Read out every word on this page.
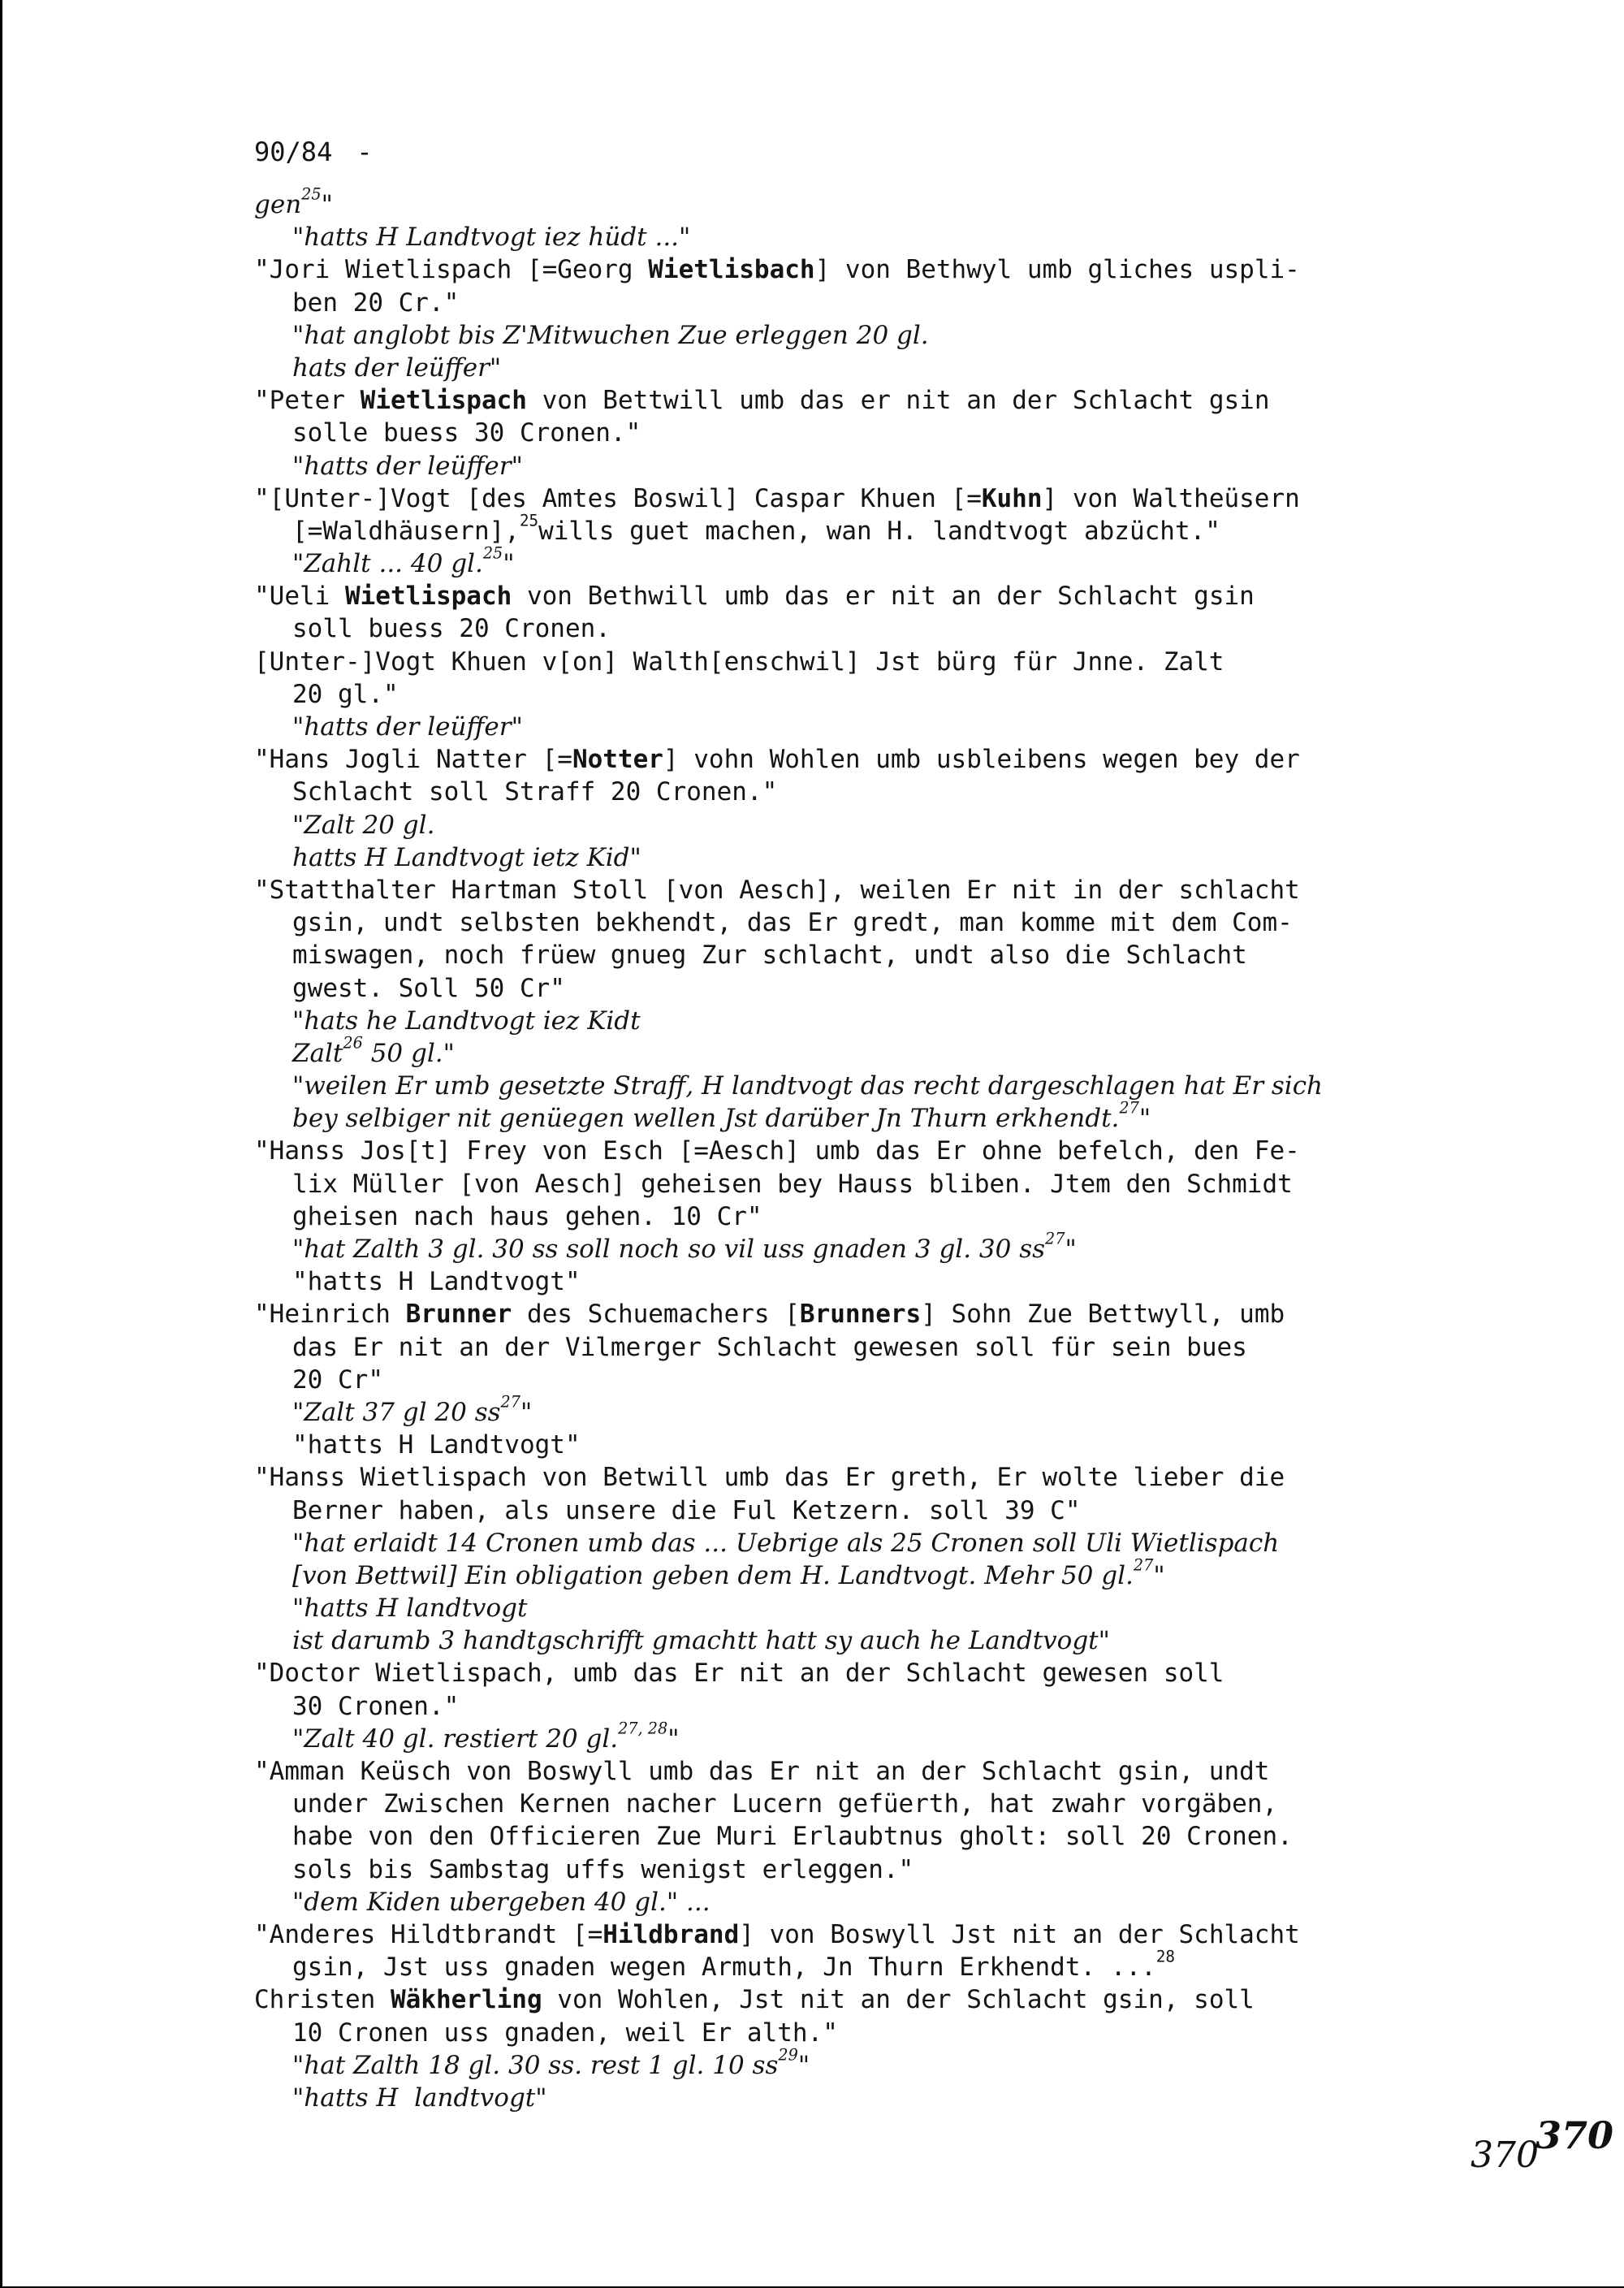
90/84 -
gen$^{25}$"
"hatts H Landtvogt iez hüdt ..."
"Jori Wietlispach [=Georg Wietlisbach] von Bethwyl umb gliches uspli-
ben 20 Cr."
"hat anglobt bis Z'Mitwuchen Zue erleggen 20 gl.
hats der leüffer"
"Peter Wietlispach von Bettwill umb das er nit an der Schlacht gsin
solle buess 30 Cronen."
"hatts der leüffer"
"[Unter-]Vogt [des Amtes Boswil] Caspar Khuen [=Kuhn] von Waltheüsern
[=Waldhäusern],$^{25}$wills guet machen, wan H. landtvogt abzücht."
"Zahlt ... 40 gl.$^{25}$"
"Ueli Wietlispach von Bethwill umb das er nit an der Schlacht gsin
soll buess 20 Cronen.
[Unter-]Vogt Khuen v[on] Walth[enschwil] Jst bürg für Jnne. Zalt
20 gl."
"hatts der leüffer"
"Hans Jogli Natter [=Notter] vohn Wohlen umb usbleibens wegen bey der
Schlacht soll Straff 20 Cronen."
"Zalt 20 gl.
hatts H Landtvogt ietz Kid"
"Statthalter Hartman Stoll [von Aesch], weilen Er nit in der schlacht
gsin, undt selbsten bekhendt, das Er gredt, man komme mit dem Com-
miswagen, noch früew gnueg Zur schlacht, undt also die Schlacht
gwest. Soll 50 Cr"
"hats he Landtvogt iez Kidt
Zalt$^{26}$ 50 gl."
"weilen Er umb gesetzte Straff, H landtvogt das recht dargeschlagen hat Er sich
bey selbiger nit genüegen wellen Jst darüber Jn Thurn erkhendt.$^{27}$"
"Hanss Jos[t] Frey von Esch [=Aesch] umb das Er ohne befelch, den Fe-
lix Müller [von Aesch] geheisen bey Hauss bliben. Jtem den Schmidt
gheisen nach haus gehen. 10 Cr"
"hat Zalth 3 gl. 30 ss soll noch so vil uss gnaden 3 gl. 30 $ss^{27}$"
"hatts H Landtvogt"
"Heinrich Brunner des Schuemachers [Brunners] Sohn Zue Bettwyll, umb
das Er nit an der Vilmerger Schlacht gewesen soll für sein bues
20 Cr"
"Zalt 37 gl 20 $ss^{27}$"
"hatts H Landtvogt"
"Hanss Wietlispach von Betwill umb das Er greth, Er wolte lieber die
Berner haben, als unsere die Ful Ketzern. soll 39 C"
"hat erlaidt 14 Cronen umb das ... Uebrige als 25 Cronen soll Uli Wietlispach
[von Bettwil] Ein obligation geben dem H. Landtvogt. Mehr 50 gl.$^{27}$"
"hatts H landtvogt
ist darumb 3 handtgschrifft gmachtt hatt sy auch he Landtvogt"
"Doctor Wietlispach, umb das Er nit an der Schlacht gewesen soll
30 Cronen."
"Zalt 40 gl. restiert 20 gl.$^{27, 28}$"
"Amman Keüsch von Boswyll umb das Er nit an der Schlacht gsin, undt
under Zwischen Kernen nacher Lucern gefüerth, hat zwahr vorgäben,
habe von den Officieren Zue Muri Erlaubtnus gholt: soll 20 Cronen.
sols bis Sambstag uffs wenigst erleggen."
"dem Kiden ubergeben 40 gl." ...
"Anderes Hildtbrandt [=Hildbrand] von Boswyll Jst nit an der Schlacht
gsin, Jst uss gnaden wegen Armuth, Jn Thurn Erkhendt. ...$^{28}$
Christen Wäkherling von Wohlen, Jst nit an der Schlacht gsin, soll
10 Cronen uss gnaden, weil Er alth."
"hat Zalth 18 gl. 30 ss. rest 1 gl. 10 $ss^{29}$"
"hatts H  landtvogt"
370
370
